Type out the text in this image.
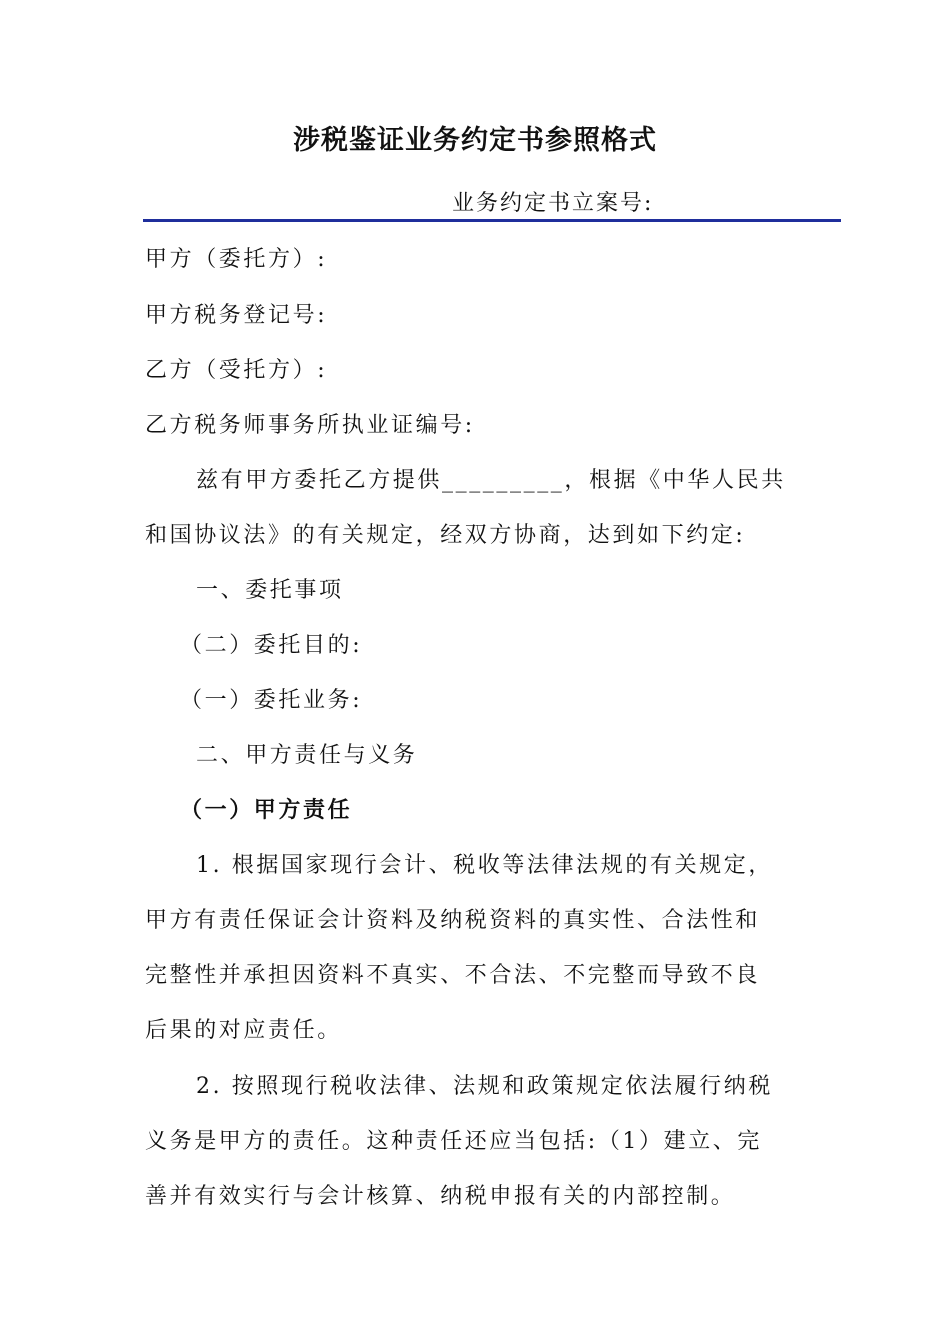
涉税鉴证业务约定书参照格式
业务约定书立案号:
甲方（委托方）:
甲方税务登记号:
乙方（受托方）:
乙方税务师事务所执业证编号:
兹有甲方委托乙方提供_________，根据《中华人民共
和国协议法》的有关规定，经双方协商，达到如下约定:
一、委托事项
（二）委托目的:
（一）委托业务:
二、甲方责任与义务
（一）甲方责任
1. 根据国家现行会计、税收等法律法规的有关规定，
甲方有责任保证会计资料及纳税资料的真实性、合法性和
完整性并承担因资料不真实、不合法、不完整而导致不良
后果的对应责任。
2. 按照现行税收法律、法规和政策规定依法履行纳税
义务是甲方的责任。这种责任还应当包括:（1）建立、完
善并有效实行与会计核算、纳税申报有关的内部控制。
